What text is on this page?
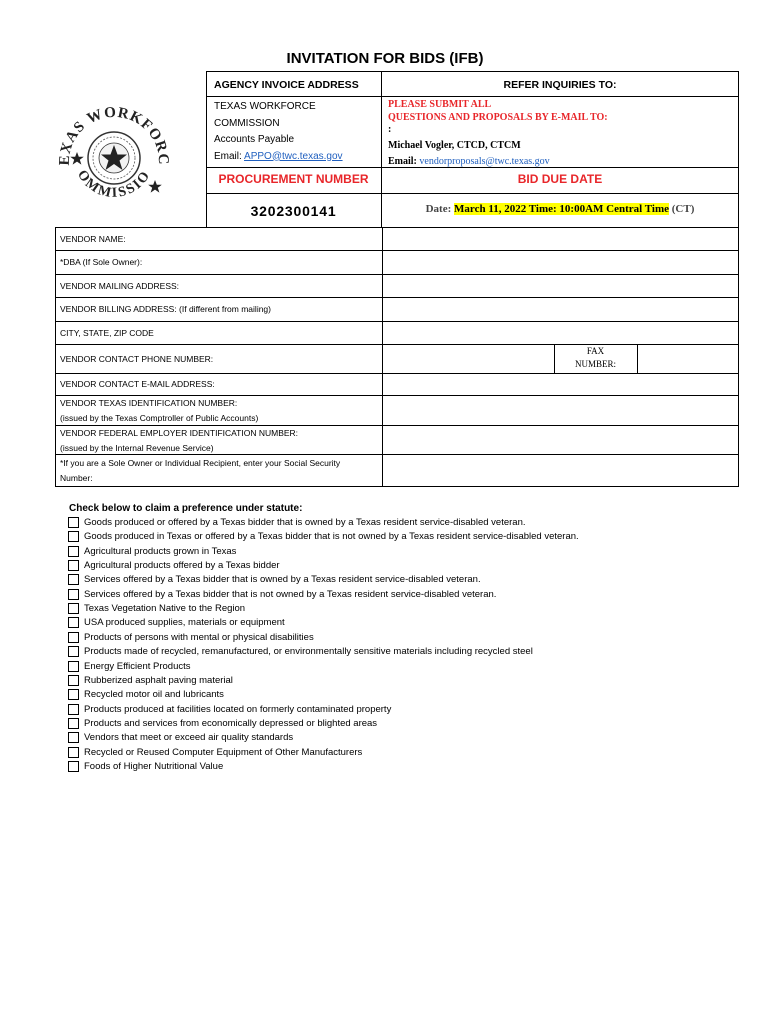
INVITATION FOR BIDS (IFB)
EXAS WORKFORC
OMMISSIO
AGENCY INVOICE ADDRESS	REFER INQUIRIES TO:
TEXAS WORKFORCE
COMMISSION
Accounts Payable
Email: APPO@twc.texas.gov
PLEASE SUBMIT ALL
QUESTIONS AND PROPOSALS BY E-MAIL TO:
:
Michael Vogler, CTCD, CTCM
Email: vendorproposals@twc.texas.gov
PROCUREMENT NUMBER	BID DUE DATE
3202300141	Date: March 11, 2022 Time: 10:00AM Central Time (CT)
VENDOR NAME:
*DBA (If Sole Owner):
VENDOR MAILING ADDRESS:
VENDOR BILLING ADDRESS: (If different from mailing)
CITY, STATE, ZIP CODE
VENDOR CONTACT PHONE NUMBER:
FAX
NUMBER:
VENDOR CONTACT E-MAIL ADDRESS:
VENDOR TEXAS IDENTIFICATION NUMBER:
(issued by the Texas Comptroller of Public Accounts)
VENDOR FEDERAL EMPLOYER IDENTIFICATION NUMBER:
(issued by the Internal Revenue Service)
*If you are a Sole Owner or Individual Recipient, enter your Social Security
Number:
Check below to claim a preference under statute:
Goods produced or offered by a Texas bidder that is owned by a Texas resident service-disabled veteran.
Goods produced in Texas or offered by a Texas bidder that is not owned by a Texas resident service-disabled veteran.
Agricultural products grown in Texas
Agricultural products offered by a Texas bidder
Services offered by a Texas bidder that is owned by a Texas resident service-disabled veteran.
Services offered by a Texas bidder that is not owned by a Texas resident service-disabled veteran.
Texas Vegetation Native to the Region
USA produced supplies, materials or equipment
Products of persons with mental or physical disabilities
Products made of recycled, remanufactured, or environmentally sensitive materials including recycled steel
Energy Efficient Products
Rubberized asphalt paving material
Recycled motor oil and lubricants
Products produced at facilities located on formerly contaminated property
Products and services from economically depressed or blighted areas
Vendors that meet or exceed air quality standards
Recycled or Reused Computer Equipment of Other Manufacturers
Foods of Higher Nutritional Value
